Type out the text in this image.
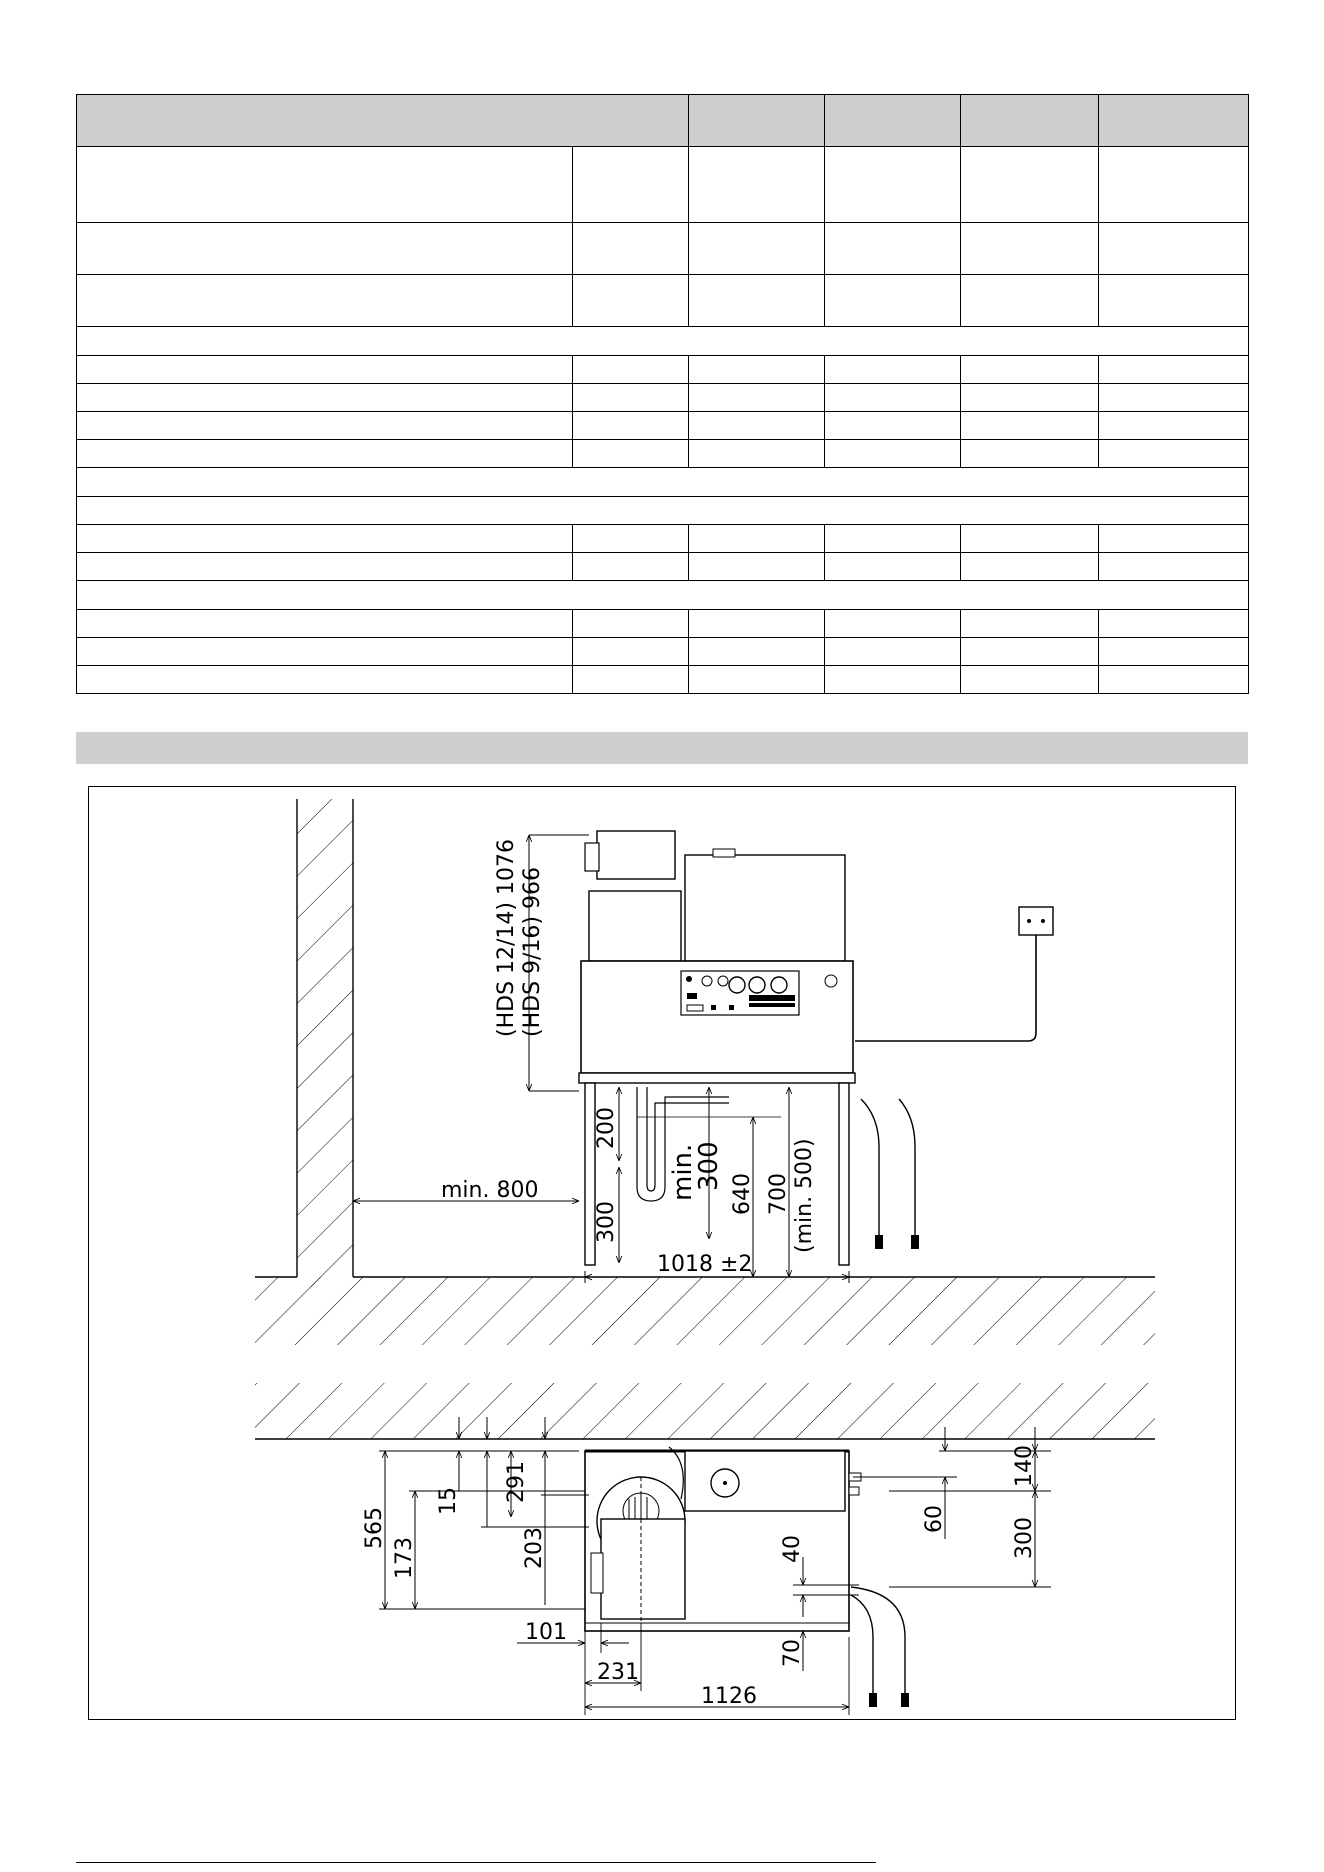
min. 800
(HDS 12/14) 1076 (HDS 9/16) 966
200
300
min.
300
640 700 (min. 500)
1018 ±2
565
173
15 291
203
101
231
1126
40
70
60
140
300
